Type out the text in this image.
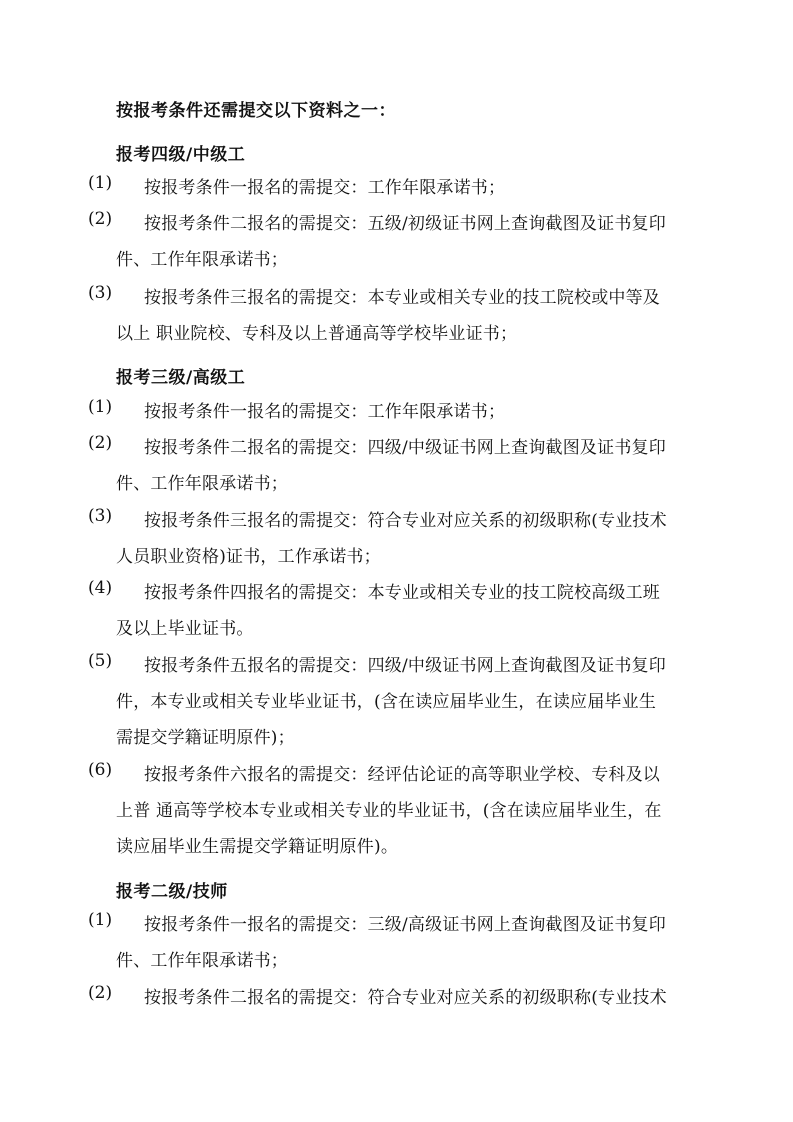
按报考条件还需提交以下资料之一：
报考四级/中级工
(1)	按报考条件一报名的需提交：工作年限承诺书；
(2)	按报考条件二报名的需提交：五级/初级证书网上查询截图及证书复印
件、工作年限承诺书；
(3)	按报考条件三报名的需提交：本专业或相关专业的技工院校或中等及
以上 职业院校、专科及以上普通高等学校毕业证书；
报考三级/高级工
(1)	按报考条件一报名的需提交：工作年限承诺书；
(2)	按报考条件二报名的需提交：四级/中级证书网上查询截图及证书复印
件、工作年限承诺书；
(3)	按报考条件三报名的需提交：符合专业对应关系的初级职称(专业技术
人员职业资格)证书，工作承诺书；
(4)	按报考条件四报名的需提交：本专业或相关专业的技工院校高级工班
及以上毕业证书。
(5)	按报考条件五报名的需提交：四级/中级证书网上查询截图及证书复印
件，本专业或相关专业毕业证书，(含在读应届毕业生，在读应届毕业生
需提交学籍证明原件)；
(6)	按报考条件六报名的需提交：经评估论证的高等职业学校、专科及以
上普 通高等学校本专业或相关专业的毕业证书，(含在读应届毕业生，在
读应届毕业生需提交学籍证明原件)。
报考二级/技师
(1)	按报考条件一报名的需提交：三级/高级证书网上查询截图及证书复印
件、工作年限承诺书；
(2)	按报考条件二报名的需提交：符合专业对应关系的初级职称(专业技术
